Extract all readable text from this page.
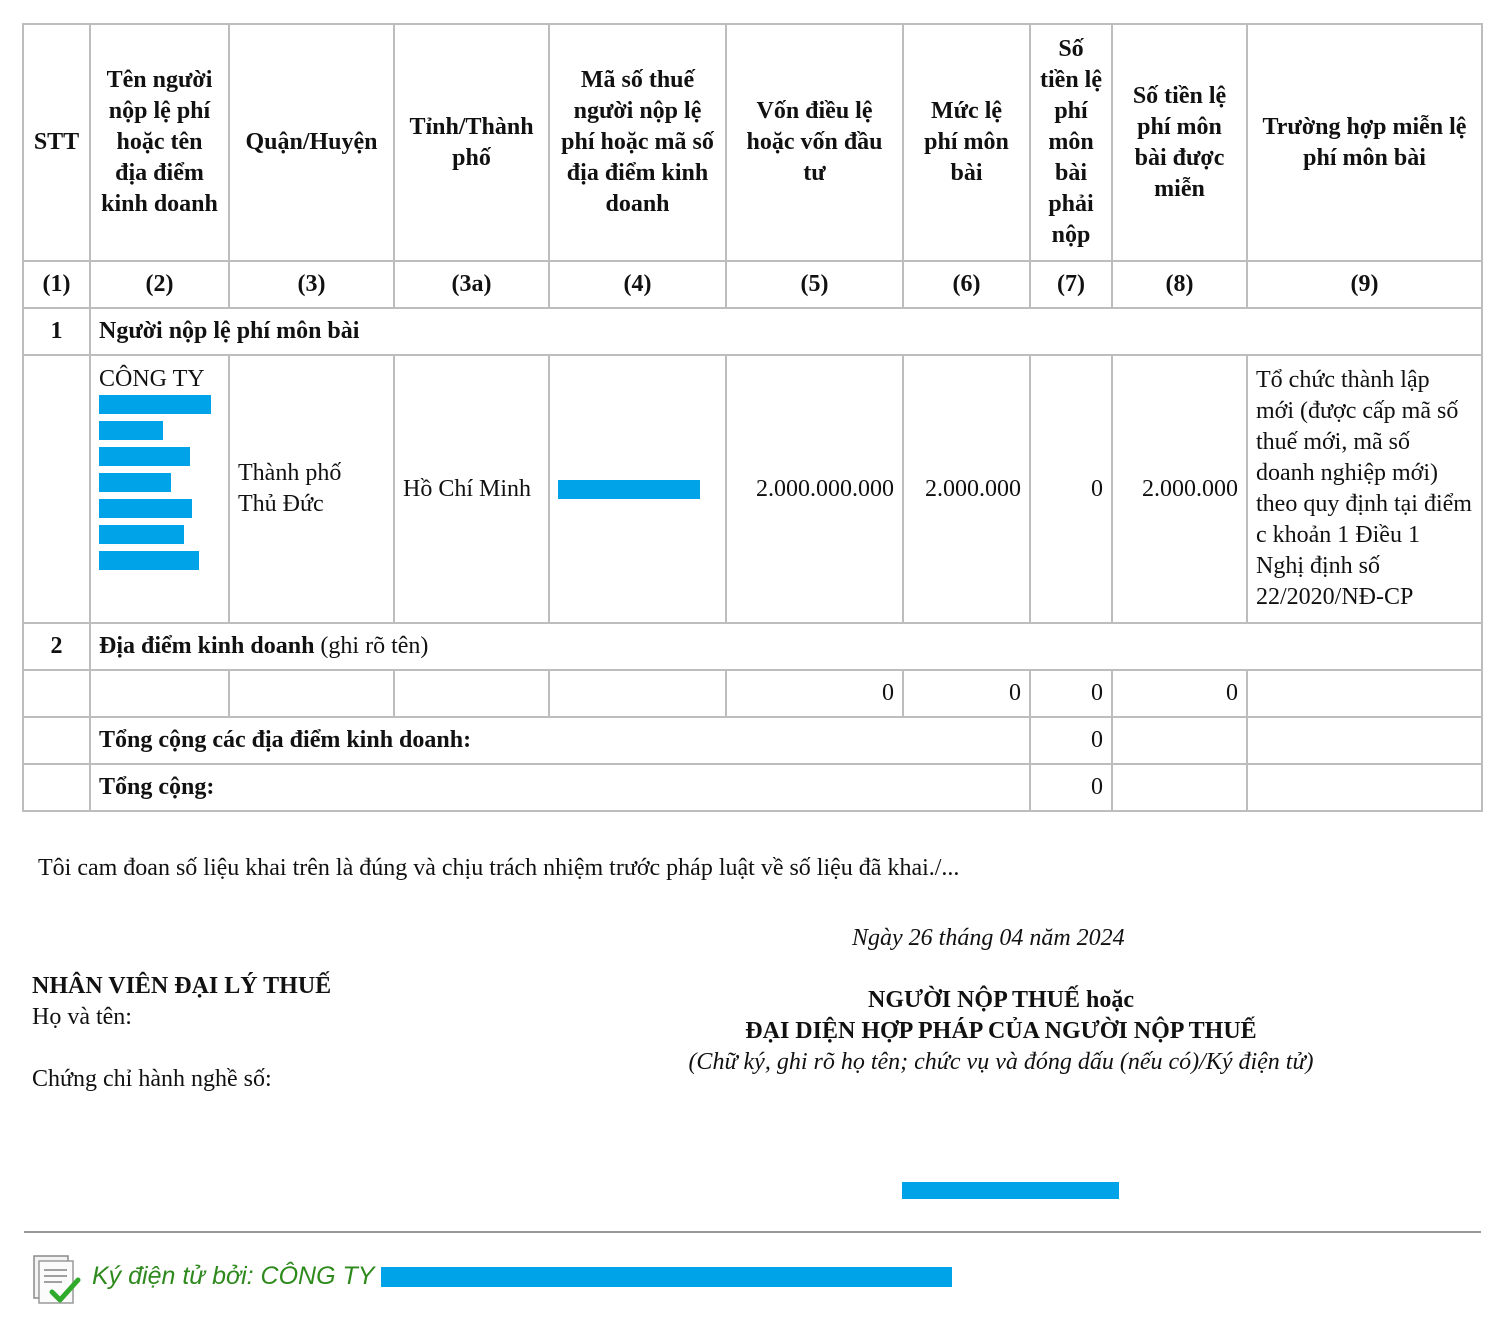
STT	Tên người nộp lệ phí hoặc tên địa điểm kinh doanh	Quận/Huyện	Tỉnh/Thành phố	Mã số thuế người nộp lệ phí hoặc mã số địa điểm kinh doanh	Vốn điều lệ hoặc vốn đầu tư	Mức lệ phí môn bài	Số tiền lệ phí môn bài phải nộp	Số tiền lệ phí môn bài được miễn	Trường hợp miễn lệ phí môn bài
(1)	(2)	(3)	(3a)	(4)	(5)	(6)	(7)	(8)	(9)
1	Người nộp lệ phí môn bài								

	CÔNG TY	Thành phố Thủ Đức	Hồ Chí Minh		2.000.000.000	2.000.000	0	2.000.000	Tổ chức thành lập mới (được cấp mã số thuế mới, mã số doanh nghiệp mới) theo quy định tại điểm c khoản 1 Điều 1 Nghị định số 22/2020/NĐ-CP
2	Địa điểm kinh doanh (ghi rõ tên)								
					0	0	0	0	
	Tổng cộng các địa điểm kinh doanh:						0		
	Tổng cộng:						0		
Tôi cam đoan số liệu khai trên là đúng và chịu trách nhiệm trước pháp luật về số liệu đã khai./...
Ngày 26 tháng 04 năm 2024
NHÂN VIÊN ĐẠI LÝ THUẾ
Họ và tên:
Chứng chỉ hành nghề số:
NGƯỜI NỘP THUẾ hoặc
ĐẠI DIỆN HỢP PHÁP CỦA NGƯỜI NỘP THUẾ
(Chữ ký, ghi rõ họ tên; chức vụ và đóng dấu (nếu có)/Ký điện tử)
Ký điện tử bởi: CÔNG TY
